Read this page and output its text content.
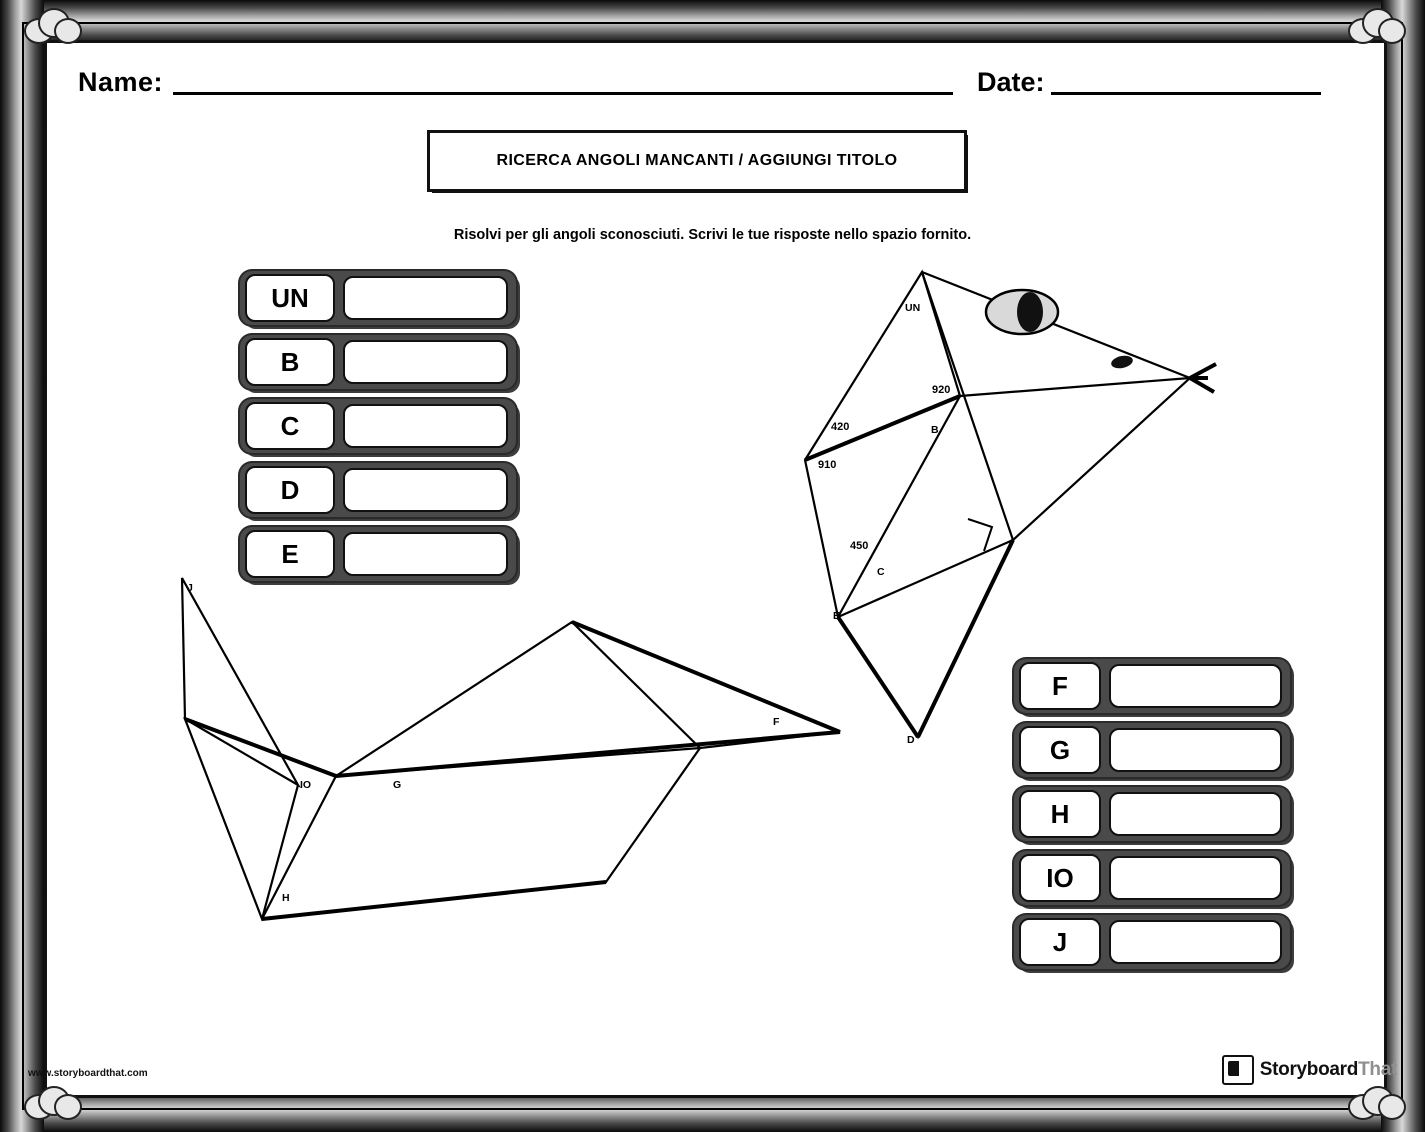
Name:	Date:
RICERCA ANGOLI MANCANTI / AGGIUNGI TITOLO
Risolvi per gli angoli sconosciuti. Scrivi le tue risposte nello spazio fornito.
UN
B
C
D
E
F
G
H
IO
J
920
420
910
450
UN
B
C
D
E
F
G
H
IO
J
www.storyboardthat.com	StoryboardThat
